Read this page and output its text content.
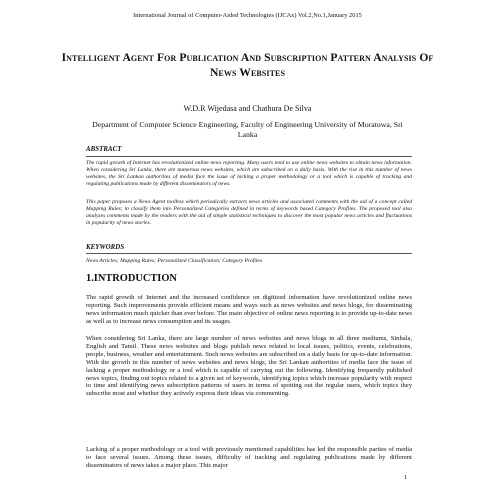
International Journal of Computer-Aided Technologies (IJCAx) Vol.2,No.1,January 2015
Intelligent Agent For Publication And Subscription Pattern Analysis Of News Websites
W.D.R Wijedasa and Chathura De Silva
Department of Computer Science Engineering, Faculty of Engineering University of Moratuwa, Sri Lanka
ABSTRACT
The rapid growth of Internet has revolutionized online news reporting. Many users tend to use online news websites to obtain news information. When considering Sri Lanka, there are numerous news websites, which are subscribed on a daily basis. With the rise in this number of news websites, the Sri Lankan authorities of media face the issue of lacking a proper methodology or a tool which is capable of tracking and regulating publications made by different disseminators of news.
This paper proposes a News Agent toolbox which periodically extracts news articles and associated comments with the aid of a concept called Mapping Rules; to classify them into Personalized Categories defined in terms of keywords based Category Profiles. The proposed tool also analyzes comments made by the readers with the aid of simple statistical techniques to discover the most popular news articles and fluctuations in popularity of news stories.
KEYWORDS
News Articles; Mapping Rules; Personalized Classification; Category Profiles
1.INTRODUCTION
The rapid growth of Internet and the increased confidence on digitized information have revolutionized online news reporting. Such improvements provide efficient means and ways such as news websites and news blogs, for disseminating news information much quicker than ever before. The main objective of online news reporting is to provide up-to-date news as well as to increase news consumption and its usages.
When considering Sri Lanka, there are large number of news websites and news blogs in all three mediums, Sinhala, English and Tamil. These news websites and blogs publish news related to local issues, politics, events, celebrations, people, business, weather and entertainment. Such news websites are subscribed on a daily basis for up-to-date information. With the growth in this number of news websites and news blogs, the Sri Lankan authorities of media face the issue of lacking a proper methodology or a tool which is capable of carrying out the following. Identifying frequently published news topics, finding out topics related to a given set of keywords, identifying topics which increase popularity with respect to time and identifying news subscription patterns of users in terms of spotting out the regular users, which topics they subscribe most and whether they actively express their ideas via commenting.
Lacking of a proper methodology or a tool with previously mentioned capabilities has led the responsible parties of media to face several issues. Among these issues, difficulty of tracking and regulating publications made by different disseminators of news takes a major place. This major
1
